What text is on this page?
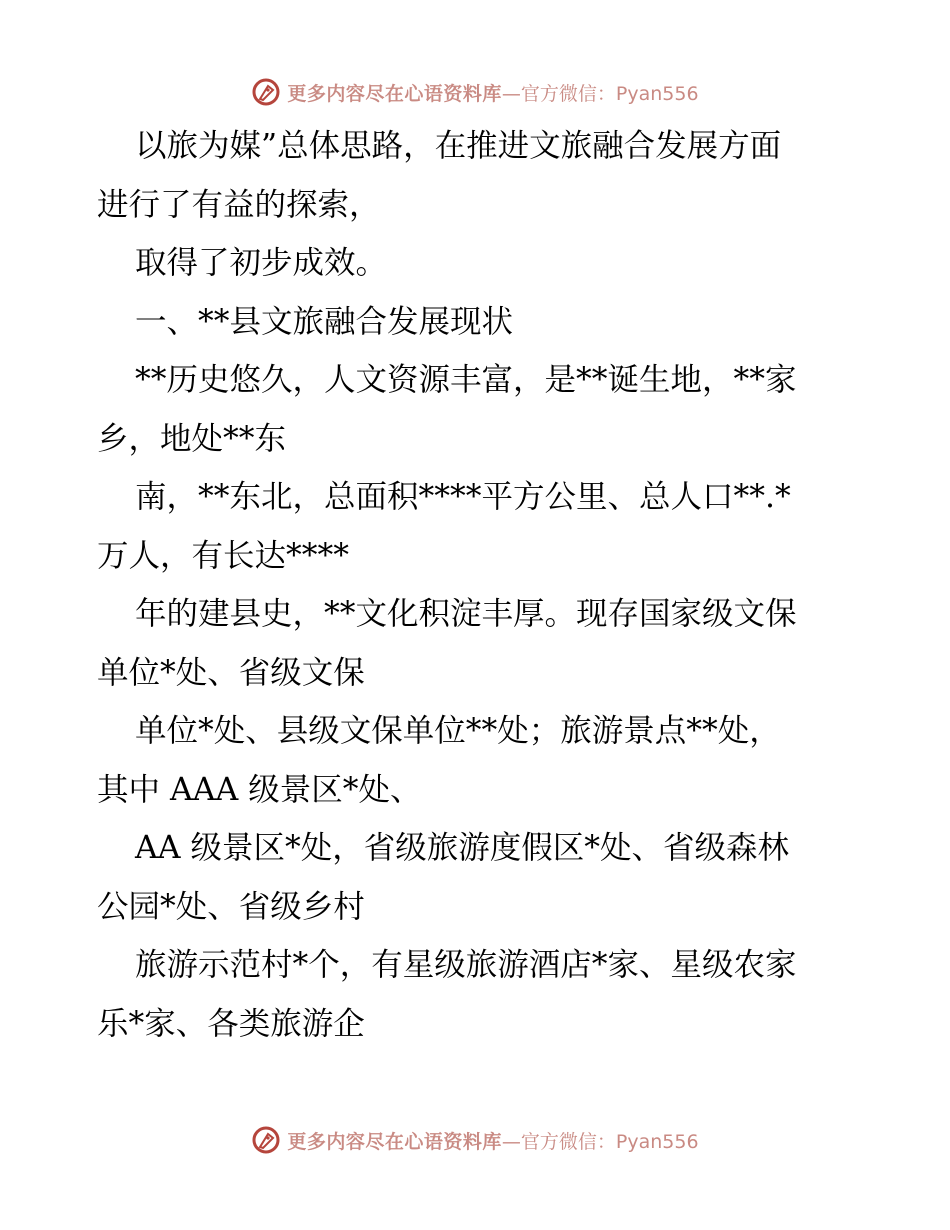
更多内容尽在心语资料库 —官方微信：Pyan556
以旅为媒”总体思路，在推进文旅融合发展方面
进行了有益的探索，
取得了初步成效。
一、**县文旅融合发展现状
**历史悠久，人文资源丰富，是**诞生地，**家
乡，地处**东
南，**东北，总面积****平方公里、总人口**.*
万人，有长达****
年的建县史，**文化积淀丰厚。现存国家级文保
单位*处、省级文保
单位*处、县级文保单位**处；旅游景点**处，
其中 AAA 级景区*处、
AA 级景区*处，省级旅游度假区*处、省级森林
公园*处、省级乡村
旅游示范村*个，有星级旅游酒店*家、星级农家
乐*家、各类旅游企
更多内容尽在心语资料库 —官方微信：Pyan556
